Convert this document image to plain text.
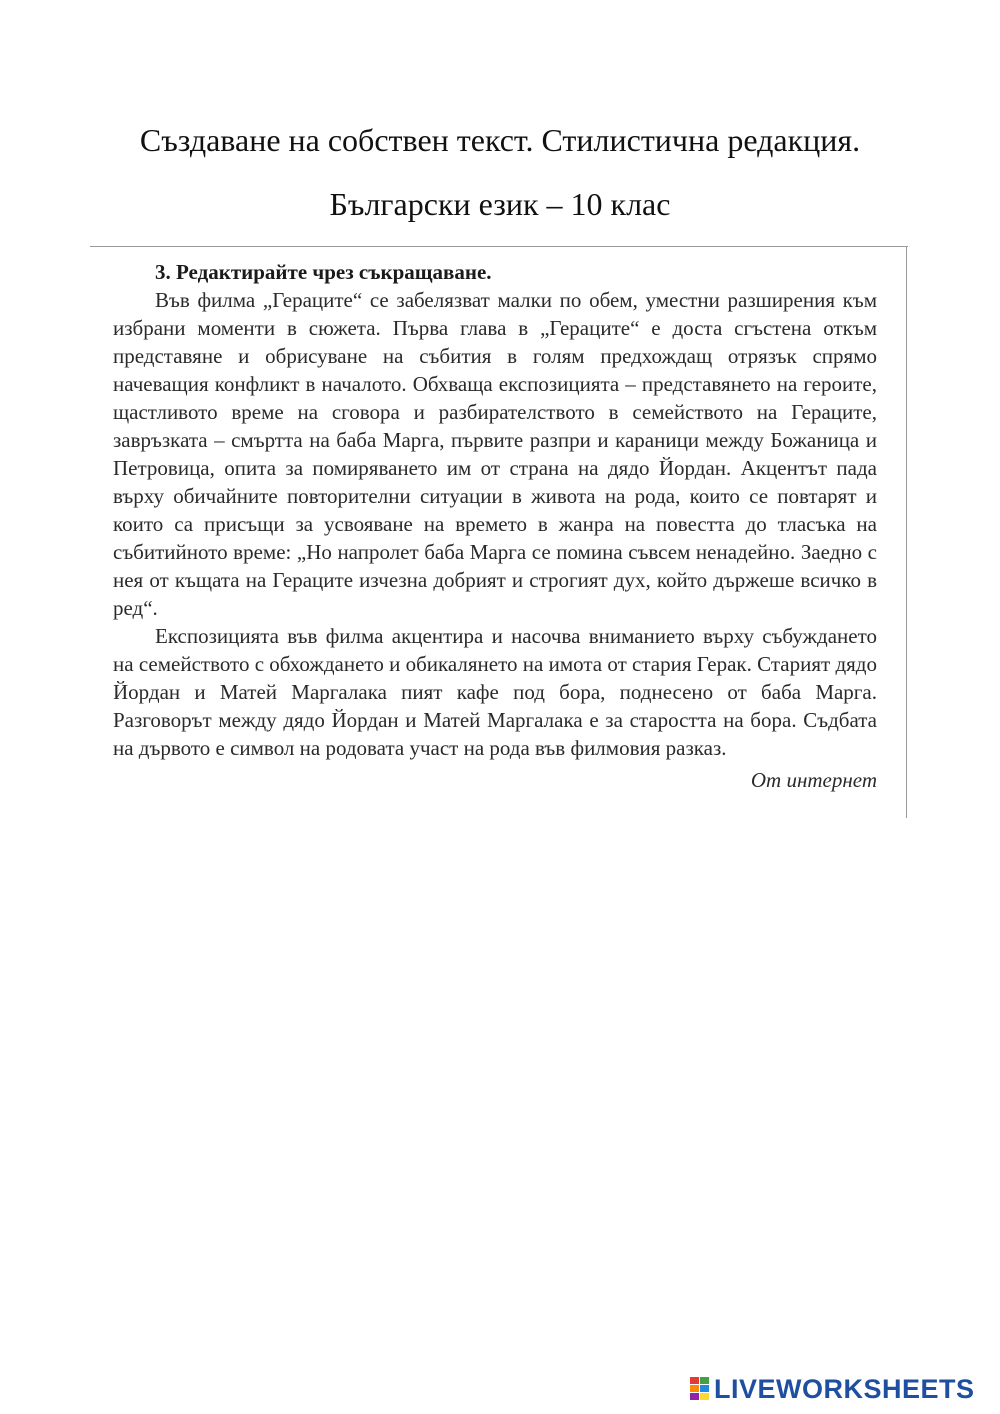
Създаване на собствен текст. Стилистична редакция.
Български език – 10 клас

3. Редактирайте чрез съкращаване.

Във филма „Гераците“ се забелязват малки по обем, уместни разширения към избрани моменти в сюжета. Първа глава в „Гераците“ е доста сгъстена откъм представяне и обрисуване на събития в голям предхождащ отрязък спрямо начеващия конфликт в началото. Обхваща експозицията – представянето на героите, щастливото време на сговора и разбирателството в семейството на Гераците, завръзката – смъртта на баба Марга, първите разпри и караници между Божаница и Петровица, опита за помиряването им от страна на дядо Йордан. Акцентът пада върху обичайните повторителни ситуации в живота на рода, които се повтарят и които са присъщи за усвояване на времето в жанра на повестта до тласъка на събитийното време: „Но напролет баба Марга се помина съвсем ненадейно. Заедно с нея от къщата на Гераците изчезна добрият и строгият дух, който държеше всичко в ред“.

Експозицията във филма акцентира и насочва вниманието върху събуждането на семейството с обхождането и обикалянето на имота от стария Герак. Старият дядо Йордан и Матей Маргалака пият кафе под бора, поднесено от баба Марга. Разговорът между дядо Йордан и Матей Маргалака е за старостта на бора. Съдбата на дървото е символ на родовата участ на рода във филмовия разказ.

От интернет

LIVEWORKSHEETS
